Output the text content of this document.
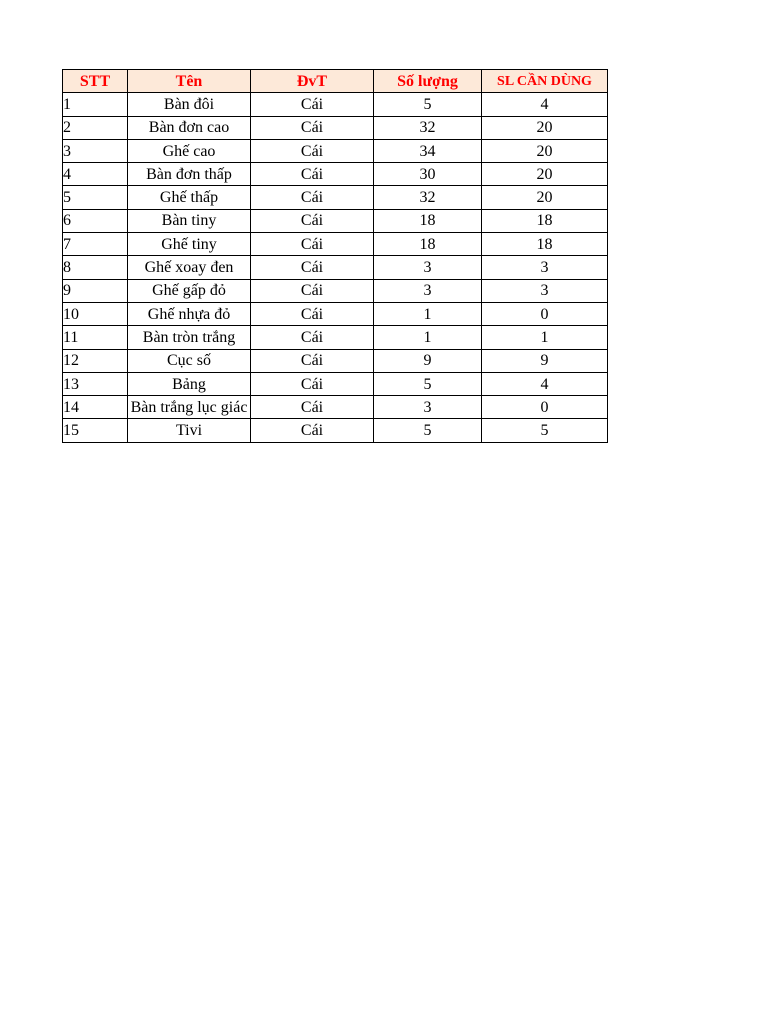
STT	Tên	ĐvT	Số lượng	SL CẦN DÙNG
1	Bàn đôi	Cái	5	4
2	Bàn đơn cao	Cái	32	20
3	Ghế cao	Cái	34	20
4	Bàn đơn thấp	Cái	30	20
5	Ghế thấp	Cái	32	20
6	Bàn tiny	Cái	18	18
7	Ghế tiny	Cái	18	18
8	Ghế xoay đen	Cái	3	3
9	Ghế gấp đỏ	Cái	3	3
10	Ghế nhựa đỏ	Cái	1	0
11	Bàn tròn trắng	Cái	1	1
12	Cục số	Cái	9	9
13	Bảng	Cái	5	4
14	Bàn trắng lục giác	Cái	3	0
15	Tivi	Cái	5	5
